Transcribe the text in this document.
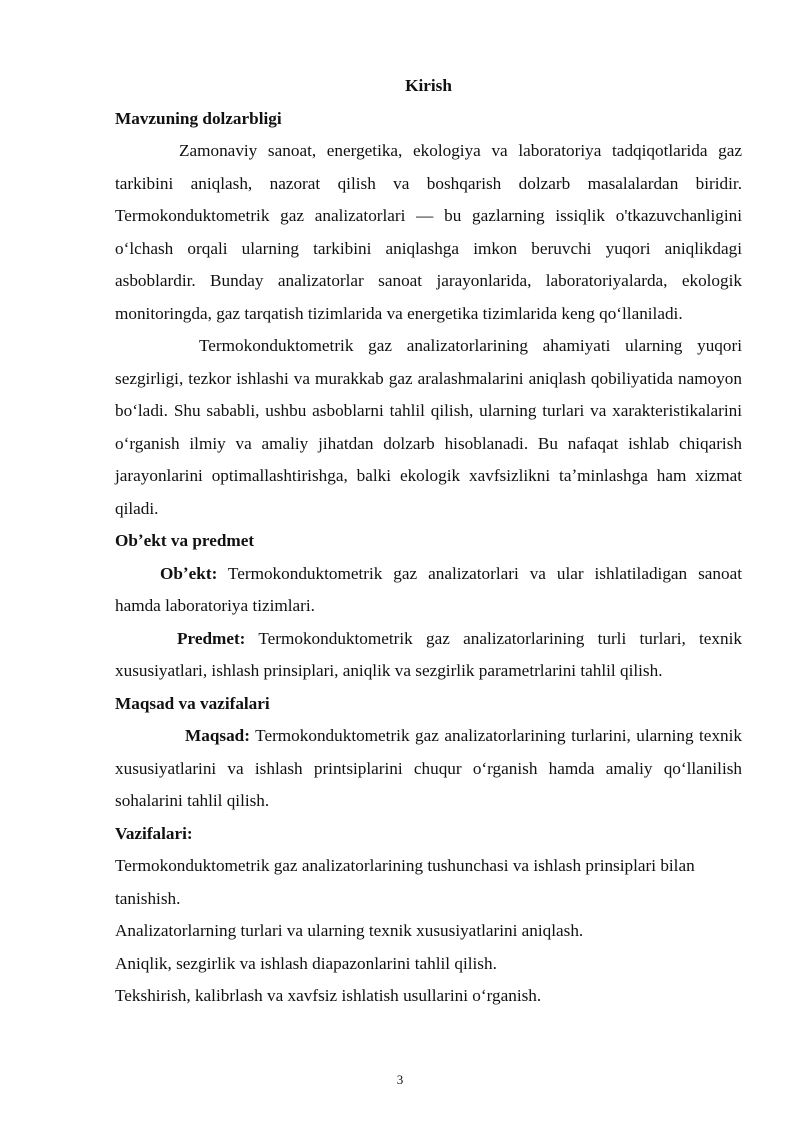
Kirish

Mavzuning dolzarbligi

Zamonaviy sanoat, energetika, ekologiya va laboratoriya tadqiqotlarida gaz tarkibini aniqlash, nazorat qilish va boshqarish dolzarb masalalardan biridir. Termokonduktometrik gaz analizatorlari — bu gazlarning issiqlik o'tkazuvchanligini oʻlchash orqali ularning tarkibini aniqlashga imkon beruvchi yuqori aniqlikdagi asboblardir. Bunday analizatorlar sanoat jarayonlarida, laboratoriyalarda, ekologik monitoringda, gaz tarqatish tizimlarida va energetika tizimlarida keng qoʻllaniladi.

Termokonduktometrik gaz analizatorlarining ahamiyati ularning yuqori sezgirligi, tezkor ishlashi va murakkab gaz aralashmalarini aniqlash qobiliyatida namoyon boʻladi. Shu sababli, ushbu asboblarni tahlil qilish, ularning turlari va xarakteristikalarini oʻrganish ilmiy va amaliy jihatdan dolzarb hisoblanadi. Bu nafaqat ishlab chiqarish jarayonlarini optimallashtirishga, balki ekologik xavfsizlikni taʼminlashga ham xizmat qiladi.

Obʼekt va predmet

Obʼekt: Termokonduktometrik gaz analizatorlari va ular ishlatiladigan sanoat hamda laboratoriya tizimlari.

Predmet: Termokonduktometrik gaz analizatorlarining turli turlari, texnik xususiyatlari, ishlash prinsiplari, aniqlik va sezgirlik parametrlarini tahlil qilish.

Maqsad va vazifalari

Maqsad: Termokonduktometrik gaz analizatorlarining turlarini, ularning texnik xususiyatlarini va ishlash printsiplarini chuqur oʻrganish hamda amaliy qoʻllanilish sohalarini tahlil qilish.

Vazifalari:

Termokonduktometrik gaz analizatorlarining tushunchasi va ishlash prinsiplari bilan tanishish.

Analizatorlarning turlari va ularning texnik xususiyatlarini aniqlash.

Aniqlik, sezgirlik va ishlash diapazonlarini tahlil qilish.

Tekshirish, kalibrlash va xavfsiz ishlatish usullarini oʻrganish.

3
